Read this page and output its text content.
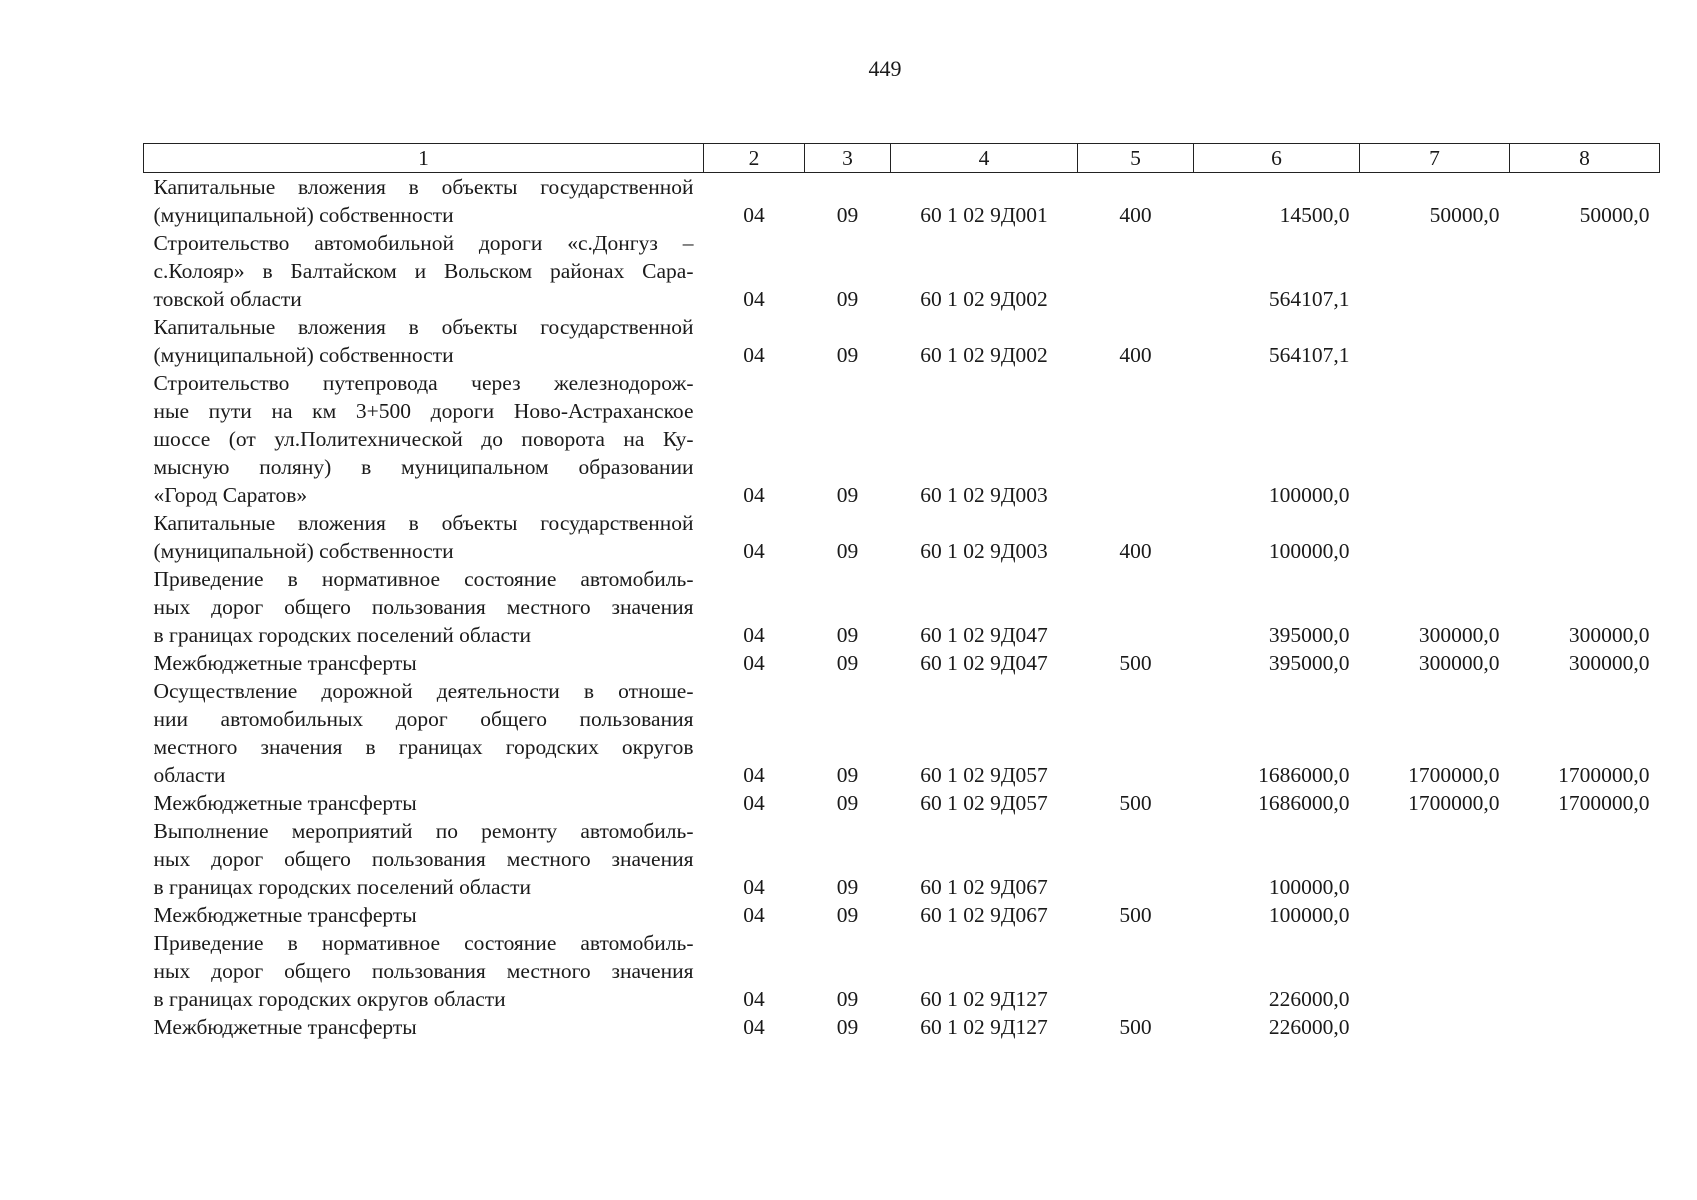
449
1	2	3	4	5	6	7	8

Капитальные вложения в объекты государственной
(муниципальной) собственности	04	09	60 1 02 9Д001	400	14500,0	50000,0	50000,0

Строительство автомобильной дороги «с.Донгуз –
с.Колояр» в Балтайском и Вольском районах Сара-
товской области	04	09	60 1 02 9Д002		564107,1		

Капитальные вложения в объекты государственной
(муниципальной) собственности	04	09	60 1 02 9Д002	400	564107,1		

Строительство путепровода через железнодорож-
ные пути на км 3+500 дороги Ново-Астраханское
шоссе (от ул.Политехнической до поворота на Ку-
мысную поляну) в муниципальном образовании
«Город Саратов»	04	09	60 1 02 9Д003		100000,0		

Капитальные вложения в объекты государственной
(муниципальной) собственности	04	09	60 1 02 9Д003	400	100000,0		

Приведение в нормативное состояние автомобиль-
ных дорог общего пользования местного значения
в границах городских поселений области	04	09	60 1 02 9Д047		395000,0	300000,0	300000,0

Межбюджетные трансферты	04	09	60 1 02 9Д047	500	395000,0	300000,0	300000,0

Осуществление дорожной деятельности в отноше-
нии автомобильных дорог общего пользования
местного значения в границах городских округов
области	04	09	60 1 02 9Д057		1686000,0	1700000,0	1700000,0

Межбюджетные трансферты	04	09	60 1 02 9Д057	500	1686000,0	1700000,0	1700000,0

Выполнение мероприятий по ремонту автомобиль-
ных дорог общего пользования местного значения
в границах городских поселений области	04	09	60 1 02 9Д067		100000,0		

Межбюджетные трансферты	04	09	60 1 02 9Д067	500	100000,0		

Приведение в нормативное состояние автомобиль-
ных дорог общего пользования местного значения
в границах городских округов области	04	09	60 1 02 9Д127		226000,0		

Межбюджетные трансферты	04	09	60 1 02 9Д127	500	226000,0		
